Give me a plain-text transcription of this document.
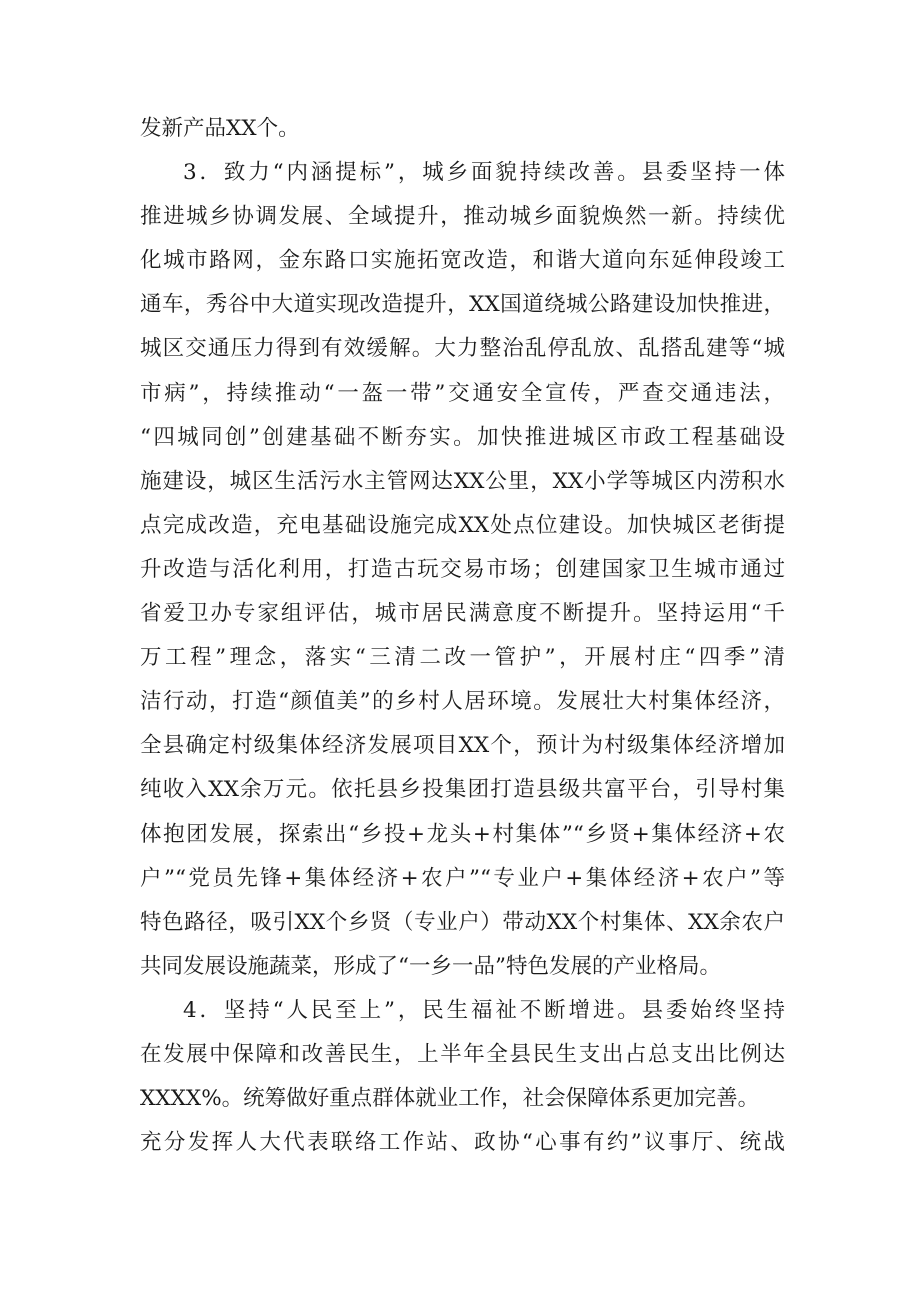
发新产品XX个。
3．致力“内涵提标”，城乡面貌持续改善。县委坚持一体
推进城乡协调发展、全域提升，推动城乡面貌焕然一新。持续优
化城市路网，金东路口实施拓宽改造，和谐大道向东延伸段竣工
通车，秀谷中大道实现改造提升，XX国道绕城公路建设加快推进，
城区交通压力得到有效缓解。大力整治乱停乱放、乱搭乱建等“城
市病”，持续推动“一盔一带”交通安全宣传，严查交通违法，
“四城同创”创建基础不断夯实。加快推进城区市政工程基础设
施建设，城区生活污水主管网达XX公里，XX小学等城区内涝积水
点完成改造，充电基础设施完成XX处点位建设。加快城区老街提
升改造与活化利用，打造古玩交易市场；创建国家卫生城市通过
省爱卫办专家组评估，城市居民满意度不断提升。坚持运用“千
万工程”理念，落实“三清二改一管护”，开展村庄“四季”清
洁行动，打造“颜值美”的乡村人居环境。发展壮大村集体经济，
全县确定村级集体经济发展项目XX个，预计为村级集体经济增加
纯收入XX余万元。依托县乡投集团打造县级共富平台，引导村集
体抱团发展，探索出“乡投+龙头+村集体”“乡贤+集体经济+农
户”“党员先锋+集体经济+农户”“专业户+集体经济+农户”等
特色路径，吸引XX个乡贤（专业户）带动XX个村集体、XX余农户
共同发展设施蔬菜，形成了“一乡一品”特色发展的产业格局。
4．坚持“人民至上”，民生福祉不断增进。县委始终坚持
在发展中保障和改善民生，上半年全县民生支出占总支出比例达
XXXX%。统筹做好重点群体就业工作，社会保障体系更加完善。
充分发挥人大代表联络工作站、政协“心事有约”议事厅、统战
